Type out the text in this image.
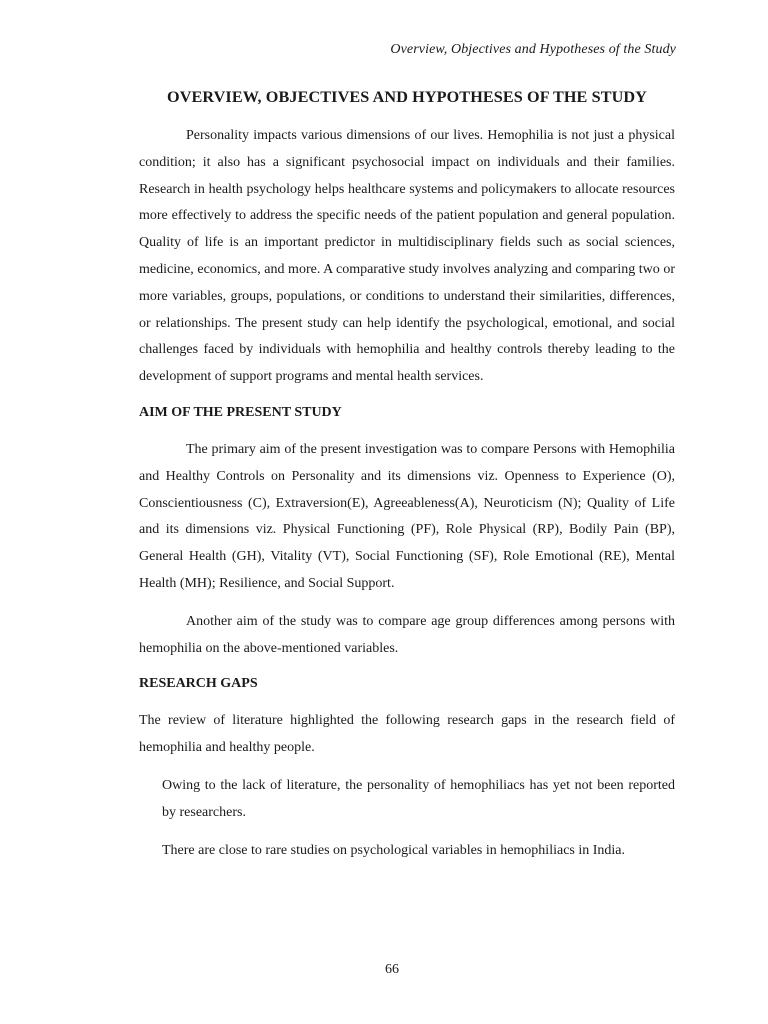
Overview, Objectives and Hypotheses of the Study
OVERVIEW, OBJECTIVES AND HYPOTHESES OF THE STUDY

Personality impacts various dimensions of our lives. Hemophilia is not just a physical condition; it also has a significant psychosocial impact on individuals and their families. Research in health psychology helps healthcare systems and policymakers to allocate resources more effectively to address the specific needs of the patient population and general population. Quality of life is an important predictor in multidisciplinary fields such as social sciences, medicine, economics, and more. A comparative study involves analyzing and comparing two or more variables, groups, populations, or conditions to understand their similarities, differences, or relationships. The present study can help identify the psychological, emotional, and social challenges faced by individuals with hemophilia and healthy controls thereby leading to the development of support programs and mental health services.

AIM OF THE PRESENT STUDY

The primary aim of the present investigation was to compare Persons with Hemophilia and Healthy Controls on Personality and its dimensions viz. Openness to Experience (O), Conscientiousness (C), Extraversion(E), Agreeableness(A), Neuroticism (N); Quality of Life and its dimensions viz. Physical Functioning (PF), Role Physical (RP), Bodily Pain (BP), General Health (GH), Vitality (VT), Social Functioning (SF), Role Emotional (RE), Mental Health (MH); Resilience, and Social Support.

Another aim of the study was to compare age group differences among persons with hemophilia on the above-mentioned variables.

RESEARCH GAPS

The review of literature highlighted the following research gaps in the research field of hemophilia and healthy people.

Owing to the lack of literature, the personality of hemophiliacs has yet not been reported by researchers.
There are close to rare studies on psychological variables in hemophiliacs in India.
66
